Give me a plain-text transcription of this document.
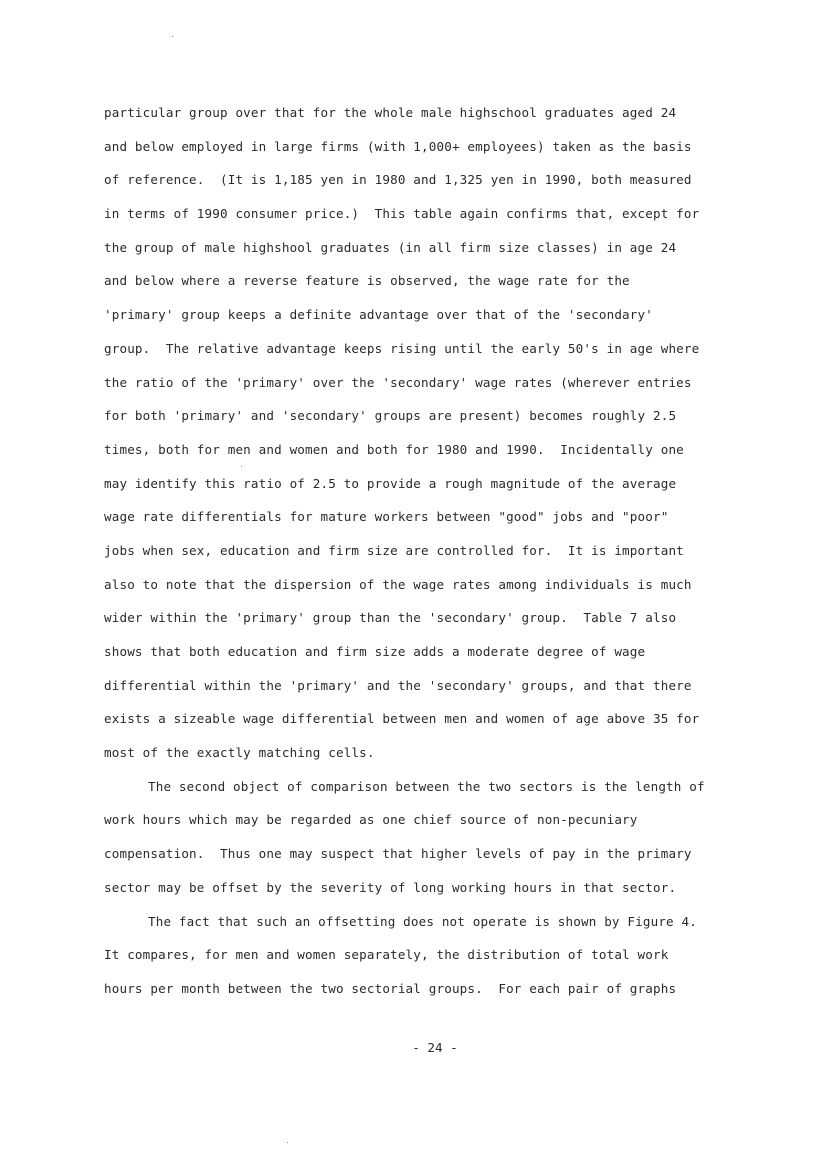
particular group over that for the whole male highschool graduates aged 24
and below employed in large firms (with 1,000+ employees) taken as the basis
of reference.  (It is 1,185 yen in 1980 and 1,325 yen in 1990, both measured
in terms of 1990 consumer price.)  This table again confirms that, except for
the group of male highshool graduates (in all firm size classes) in age 24
and below where a reverse feature is observed, the wage rate for the
'primary' group keeps a definite advantage over that of the 'secondary'
group.  The relative advantage keeps rising until the early 50's in age where
the ratio of the 'primary' over the 'secondary' wage rates (wherever entries
for both 'primary' and 'secondary' groups are present) becomes roughly 2.5
times, both for men and women and both for 1980 and 1990.  Incidentally one
may identify this ratio of 2.5 to provide a rough magnitude of the average
wage rate differentials for mature workers between "good" jobs and "poor"
jobs when sex, education and firm size are controlled for.  It is important
also to note that the dispersion of the wage rates among individuals is much
wider within the 'primary' group than the 'secondary' group.  Table 7 also
shows that both education and firm size adds a moderate degree of wage
differential within the 'primary' and the 'secondary' groups, and that there
exists a sizeable wage differential between men and women of age above 35 for
most of the exactly matching cells.
The second object of comparison between the two sectors is the length of
work hours which may be regarded as one chief source of non-pecuniary
compensation.  Thus one may suspect that higher levels of pay in the primary
sector may be offset by the severity of long working hours in that sector.
The fact that such an offsetting does not operate is shown by Figure 4.
It compares, for men and women separately, the distribution of total work
hours per month between the two sectorial groups.  For each pair of graphs
- 24 -
